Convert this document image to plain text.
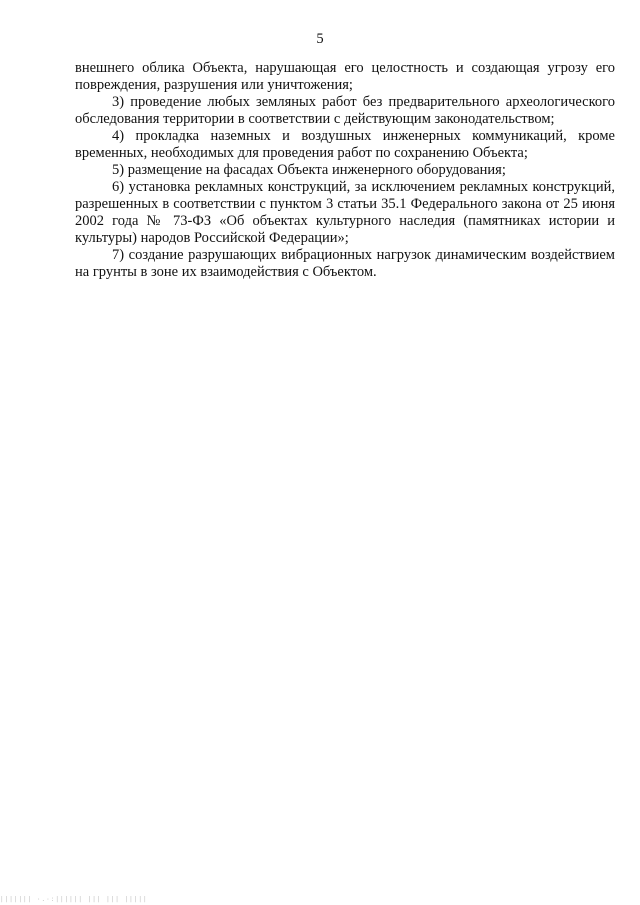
5

внешнего облика Объекта, нарушающая его целостность и создающая угрозу его повреждения, разрушения или уничтожения;

3) проведение любых земляных работ без предварительного археологического обследования территории в соответствии с действующим законодательством;

4) прокладка наземных и воздушных инженерных коммуникаций, кроме временных, необходимых для проведения работ по сохранению Объекта;

5) размещение на фасадах Объекта инженерного оборудования;

6) установка рекламных конструкций, за исключением рекламных конструкций, разрешенных в соответствии с пунктом 3 статьи 35.1 Федерального закона от 25 июня 2002 года № 73-ФЗ «Об объектах культурного наследия (памятниках истории и культуры) народов Российской Федерации»;

7) создание разрушающих вибрационных нагрузок динамическим воздействием на грунты в зоне их взаимодействия с Объектом.

||||||| ·.·:|||||| ||| ||| |||||
